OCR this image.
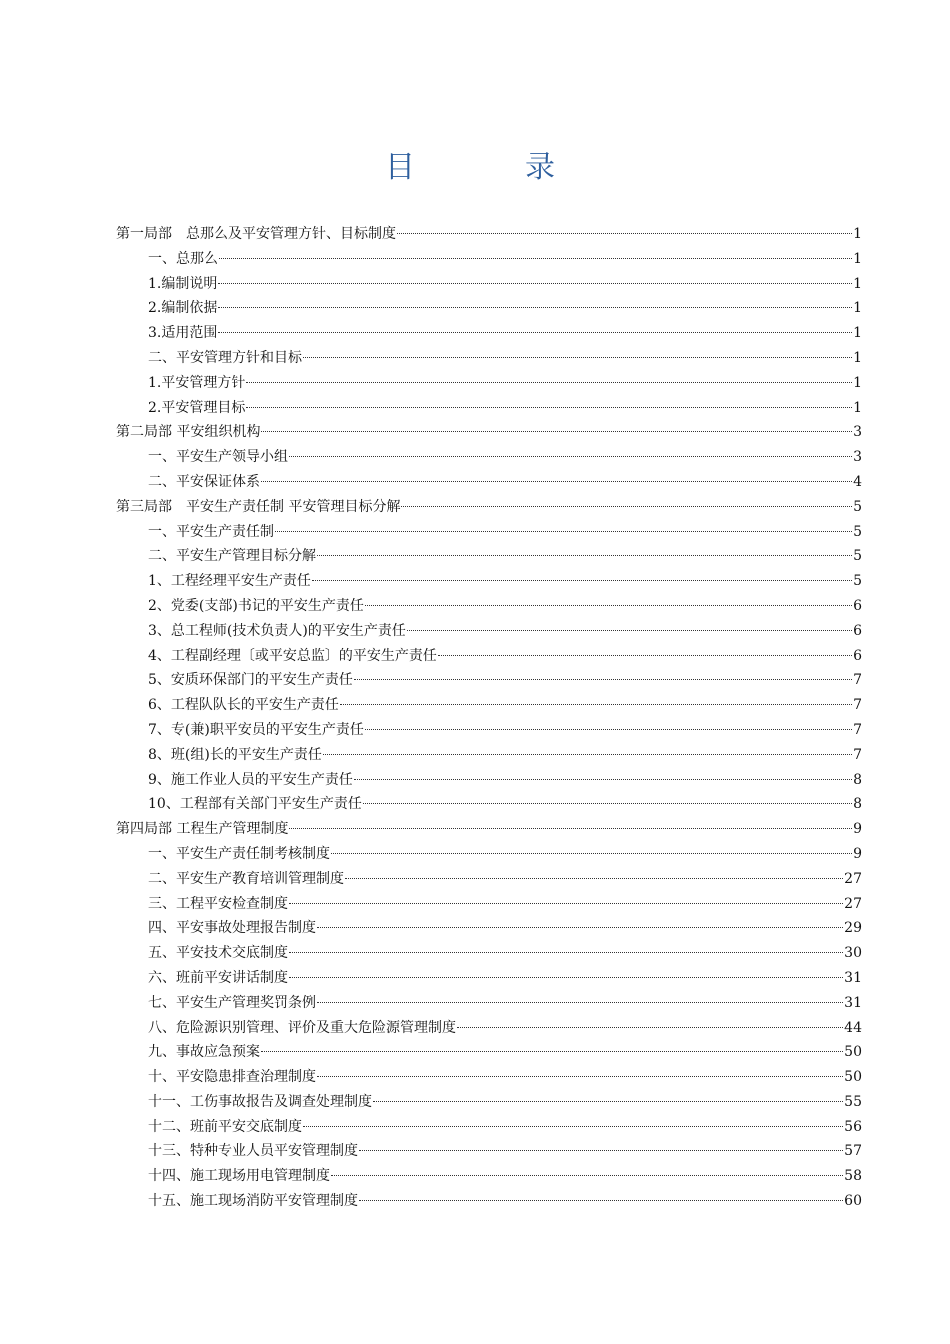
目　录
第一局部　总那么及平安管理方针、目标制度	1
一、总那么	1
1.编制说明	1
2.编制依据	1
3.适用范围	1
二、平安管理方针和目标	1
1.平安管理方针	1
2.平安管理目标	1
第二局部 平安组织机构	3
一、平安生产领导小组	3
二、平安保证体系	4
第三局部　平安生产责任制 平安管理目标分解	5
一、平安生产责任制	5
二、平安生产管理目标分解	5
1、工程经理平安生产责任	5
2、党委(支部)书记的平安生产责任	6
3、总工程师(技术负责人)的平安生产责任	6
4、工程副经理〔或平安总监〕的平安生产责任	6
5、安质环保部门的平安生产责任	7
6、工程队队长的平安生产责任	7
7、专(兼)职平安员的平安生产责任	7
8、班(组)长的平安生产责任	7
9、施工作业人员的平安生产责任	8
10、工程部有关部门平安生产责任	8
第四局部 工程生产管理制度	9
一、平安生产责任制考核制度	9
二、平安生产教育培训管理制度	27
三、工程平安检查制度	27
四、平安事故处理报告制度	29
五、平安技术交底制度	30
六、班前平安讲话制度	31
七、平安生产管理奖罚条例	31
八、危险源识别管理、评价及重大危险源管理制度	44
九、事故应急预案	50
十、平安隐患排查治理制度	50
十一、工伤事故报告及调查处理制度	55
十二、班前平安交底制度	56
十三、特种专业人员平安管理制度	57
十四、施工现场用电管理制度	58
十五、施工现场消防平安管理制度	60
